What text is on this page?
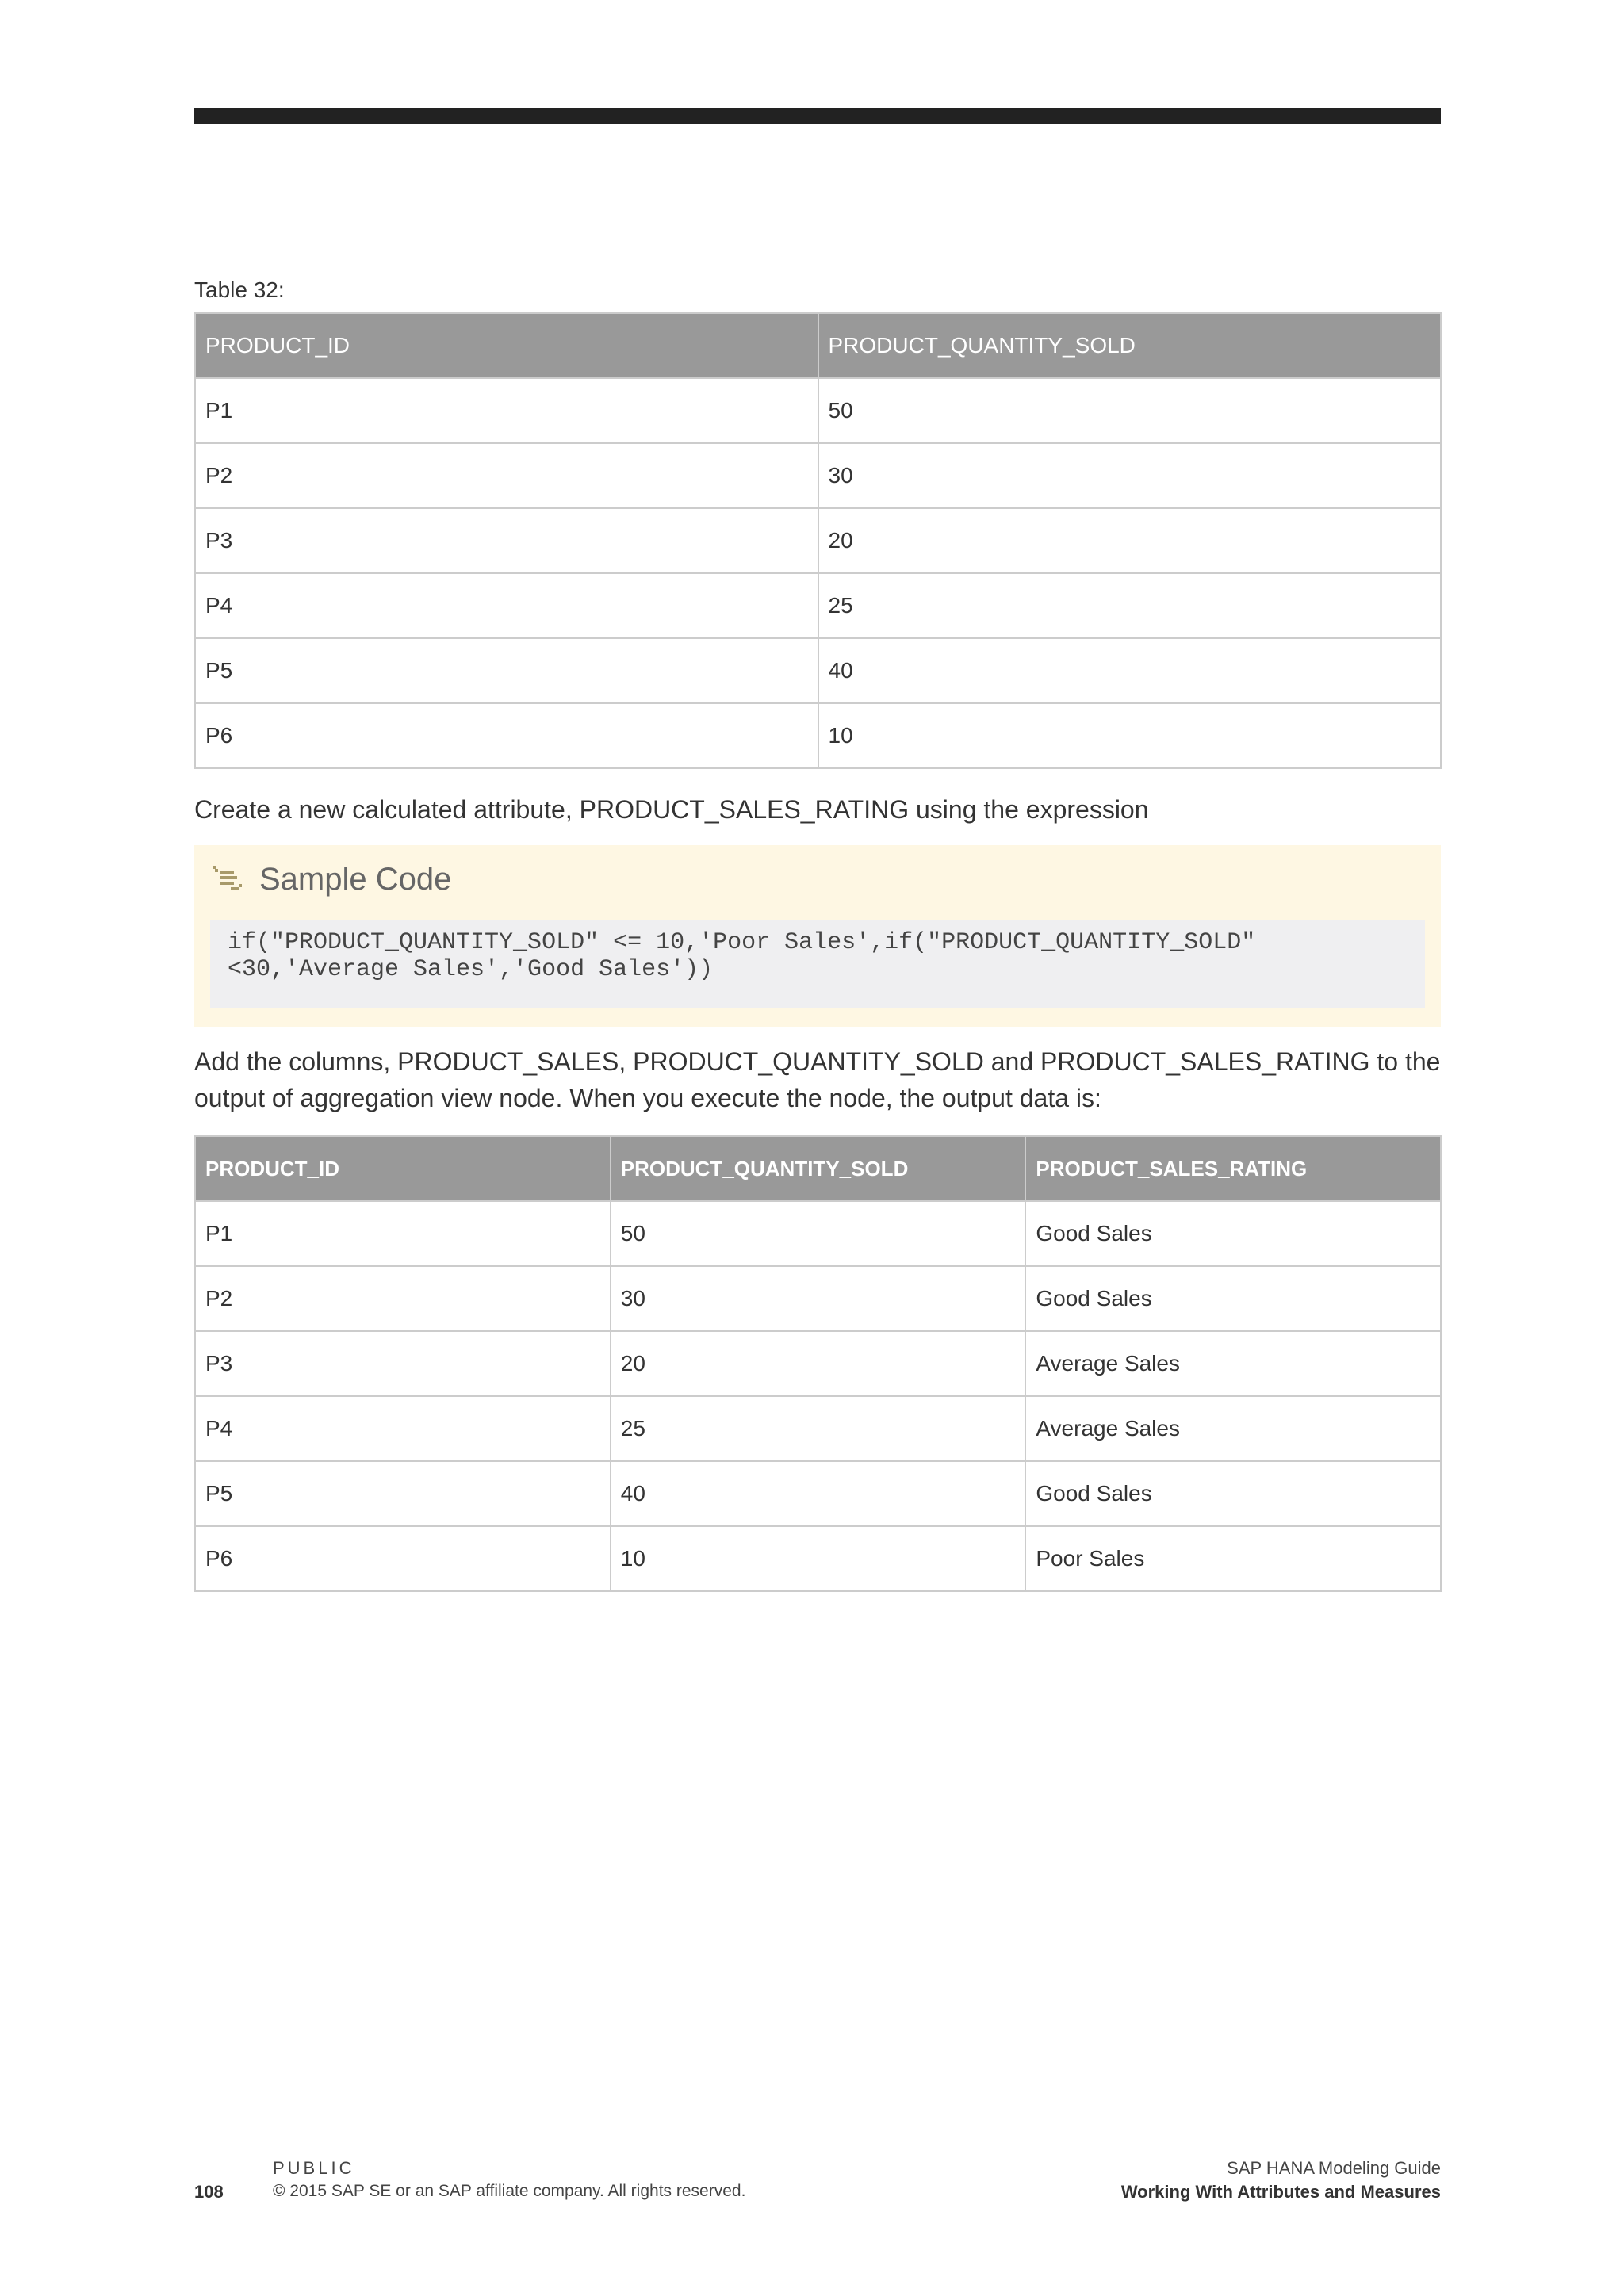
Table 32:
PRODUCT_ID	PRODUCT_QUANTITY_SOLD
P1	50
P2	30
P3	20
P4	25
P5	40
P6	10

Create a new calculated attribute, PRODUCT_SALES_RATING using the expression

Sample Code
if("PRODUCT_QUANTITY_SOLD" <= 10,'Poor Sales',if("PRODUCT_QUANTITY_SOLD"
<30,'Average Sales','Good Sales'))

Add the columns, PRODUCT_SALES, PRODUCT_QUANTITY_SOLD and PRODUCT_SALES_RATING to the output of aggregation view node. When you execute the node, the output data is:

PRODUCT_ID	PRODUCT_QUANTITY_SOLD	PRODUCT_SALES_RATING
P1	50	Good Sales
P2	30	Good Sales
P3	20	Average Sales
P4	25	Average Sales
P5	40	Good Sales
P6	10	Poor Sales
PUBLIC
108	© 2015 SAP SE or an SAP affiliate company. All rights reserved.
SAP HANA Modeling Guide
Working With Attributes and Measures
